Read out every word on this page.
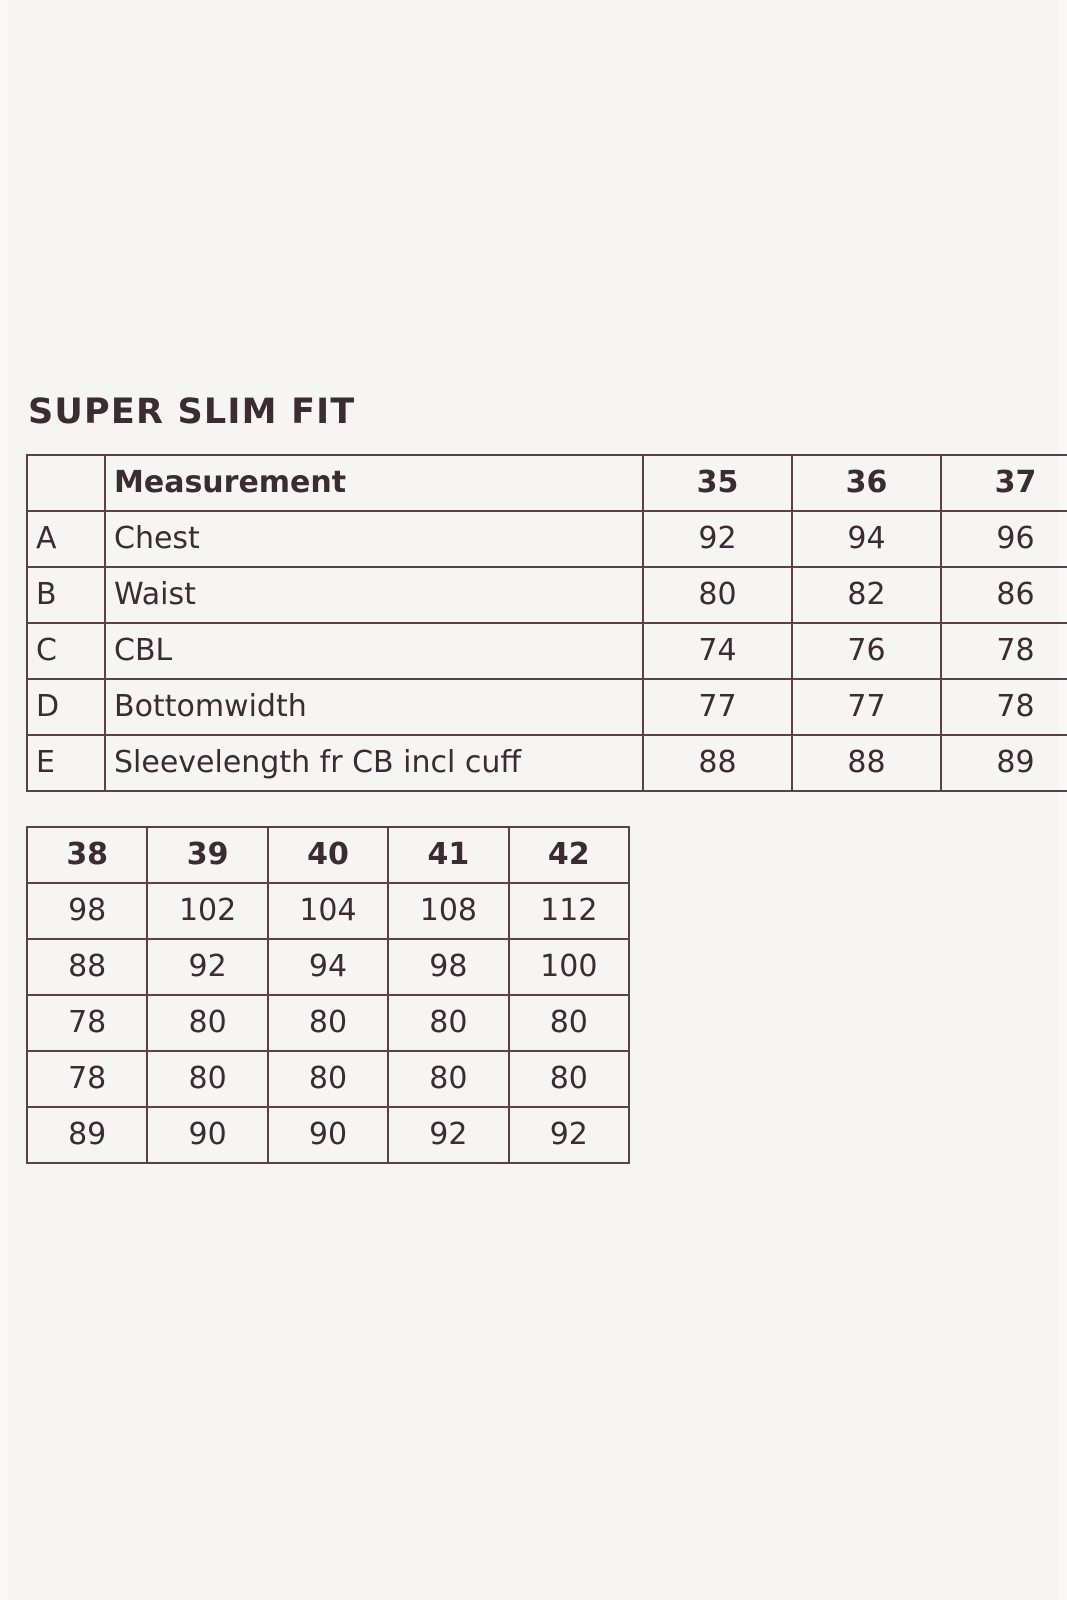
SUPER SLIM FIT
	Measurement	35	36	37
A	Chest	92	94	96
B	Waist	80	82	86
C	CBL	74	76	78
D	Bottomwidth	77	77	78
E	Sleevelength fr CB incl cuff	88	88	89
38	39	40	41	42
98	102	104	108	112
88	92	94	98	100
78	80	80	80	80
78	80	80	80	80
89	90	90	92	92
